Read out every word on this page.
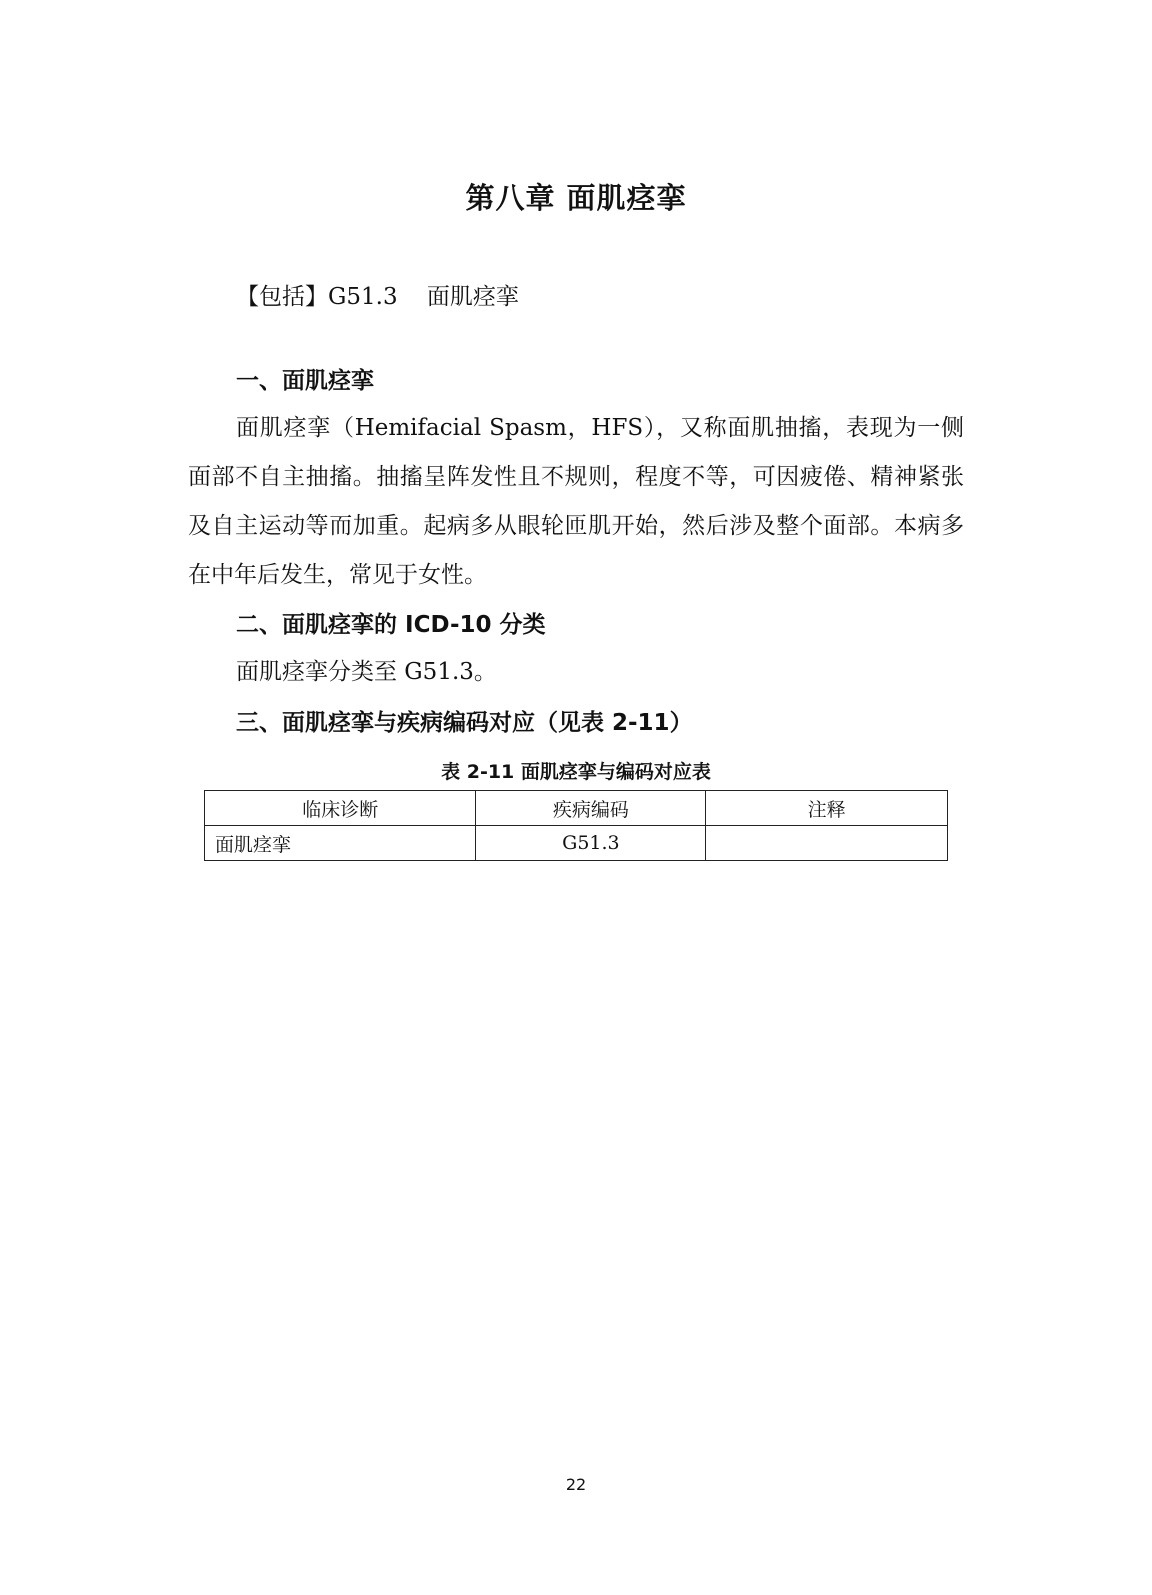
第八章 面肌痉挛
【包括】G51.3    面肌痉挛
一、面肌痉挛
面肌痉挛（Hemifacial Spasm，HFS），又称面肌抽搐，表现为一侧面部不自主抽搐。抽搐呈阵发性且不规则，程度不等，可因疲倦、精神紧张及自主运动等而加重。起病多从眼轮匝肌开始，然后涉及整个面部。本病多在中年后发生，常见于女性。
二、面肌痉挛的 ICD-10 分类
面肌痉挛分类至 G51.3。
三、面肌痉挛与疾病编码对应（见表 2-11）
表 2-11 面肌痉挛与编码对应表
临床诊断	疾病编码	注释
面肌痉挛	G51.3	
22
